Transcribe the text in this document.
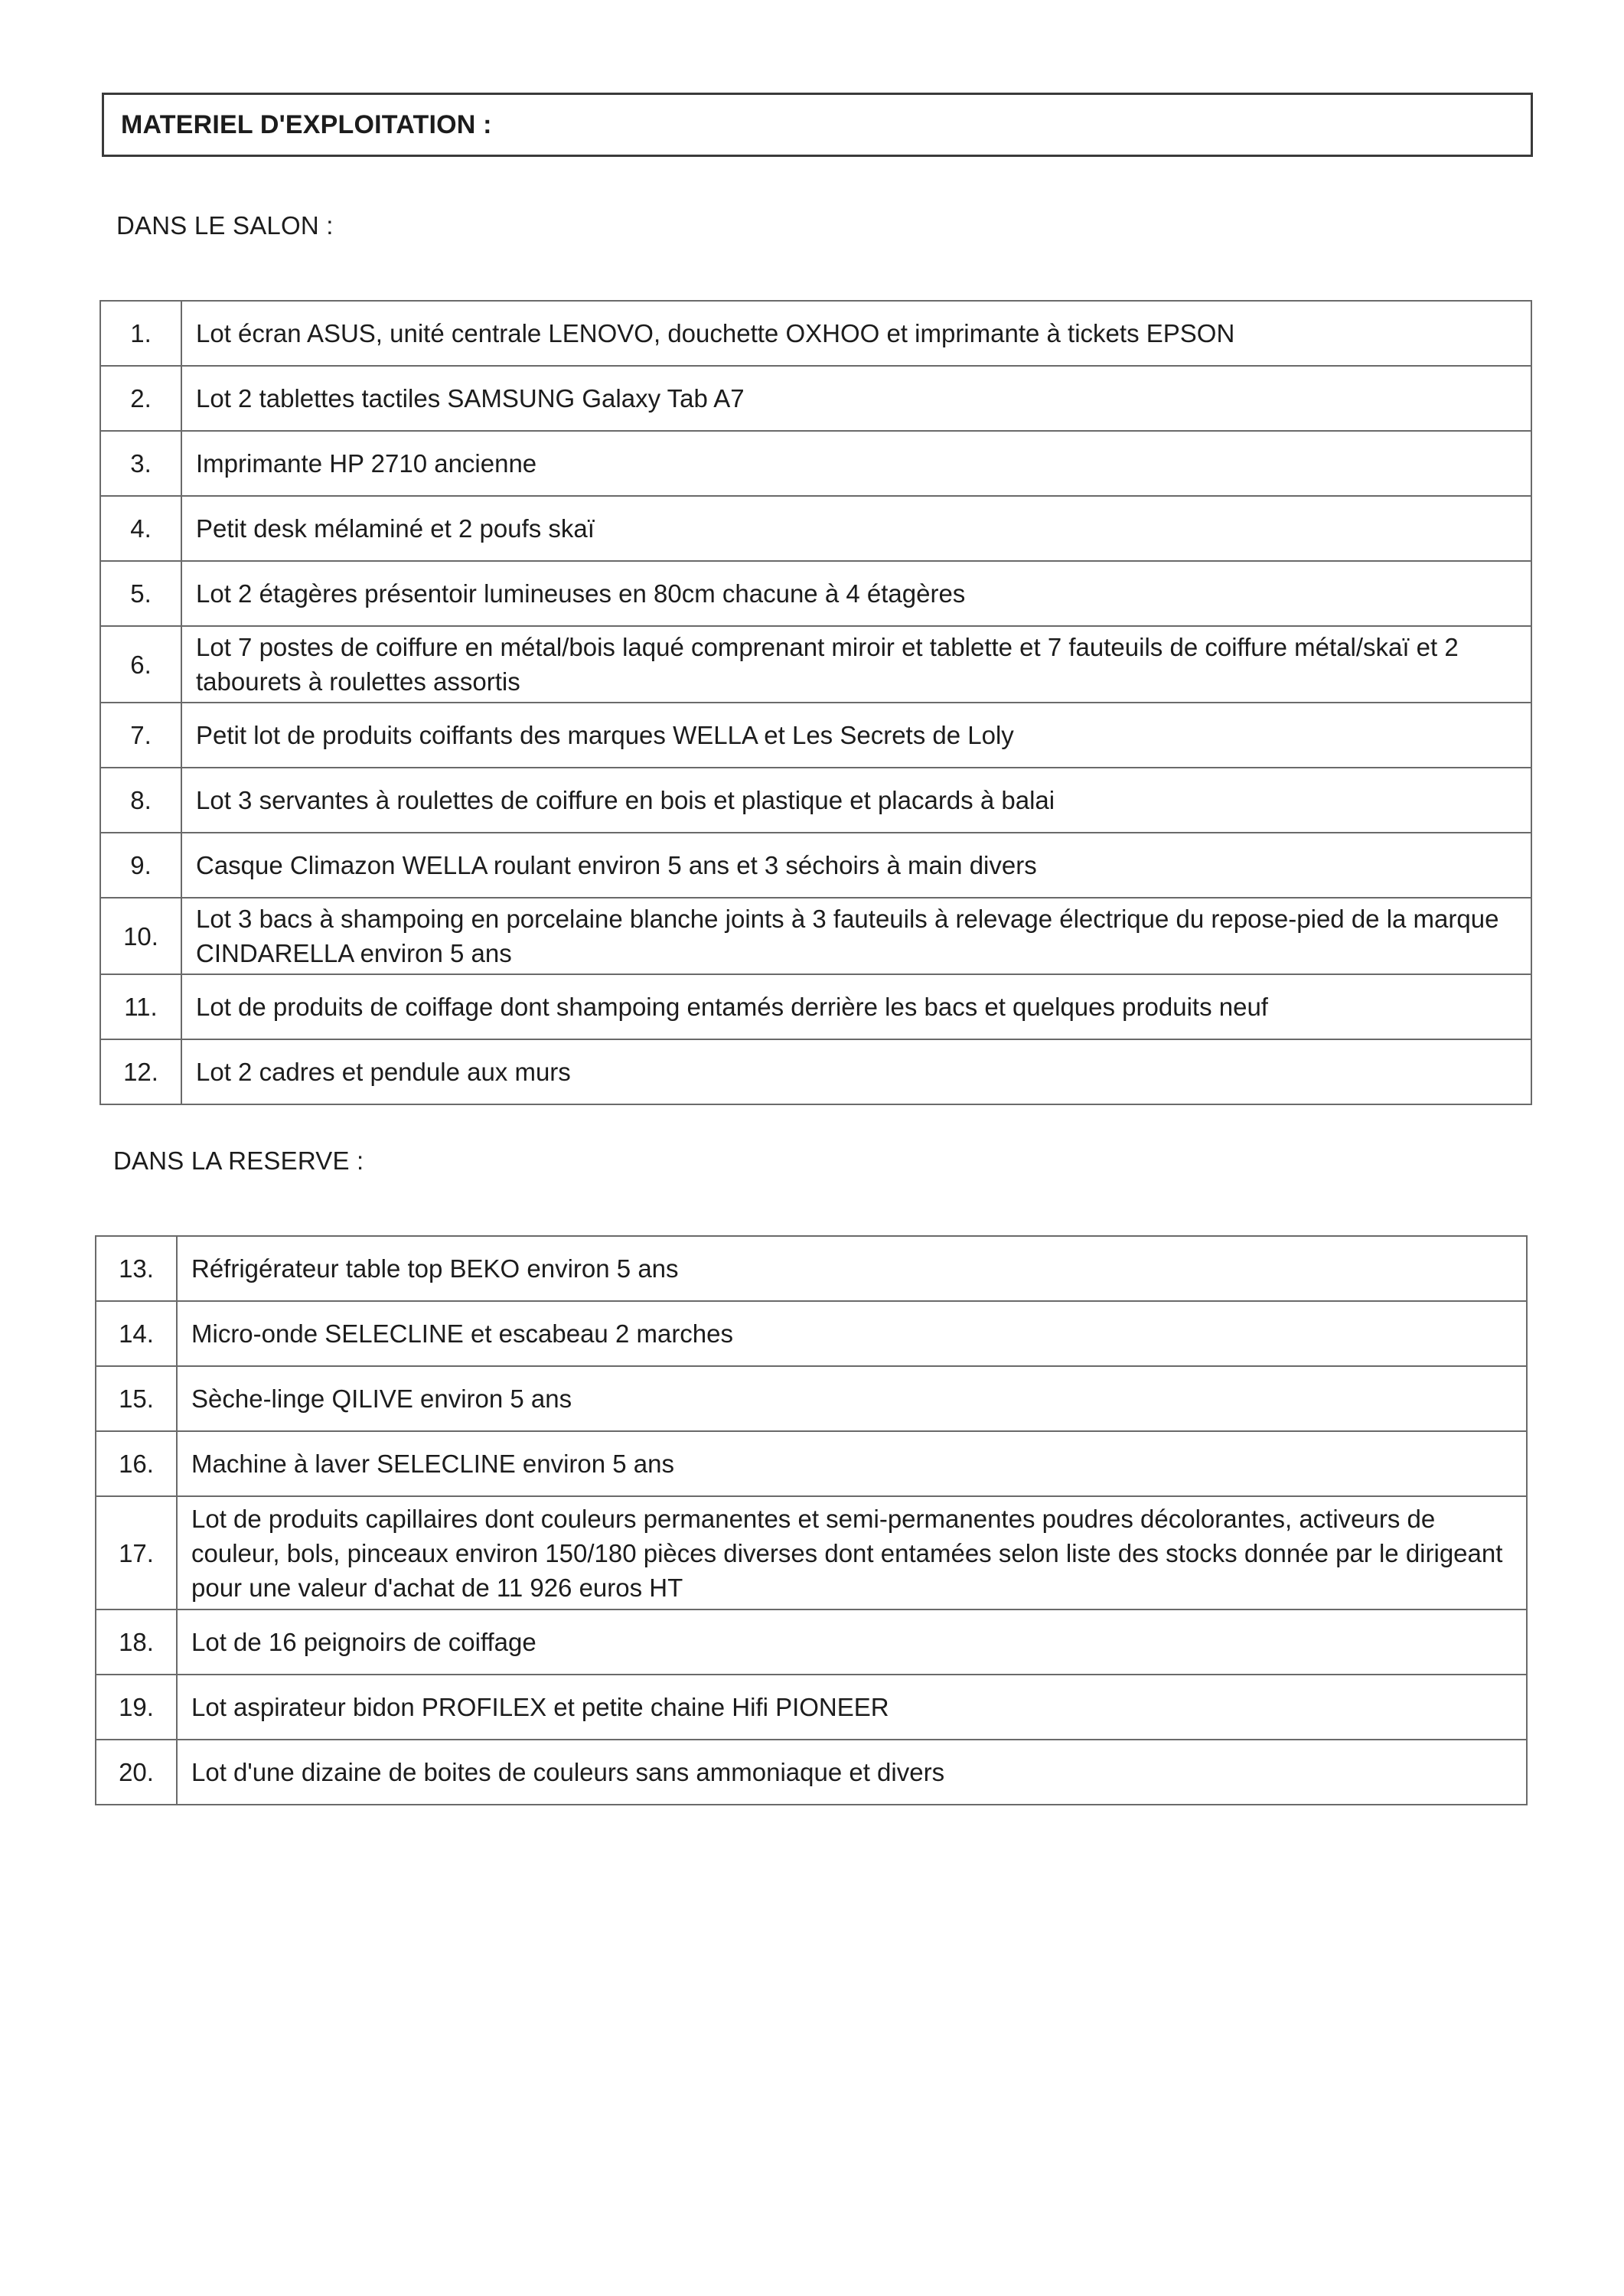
MATERIEL D'EXPLOITATION :
DANS LE SALON :
1.	Lot écran ASUS, unité centrale LENOVO, douchette OXHOO et imprimante à tickets EPSON
2.	Lot 2 tablettes tactiles SAMSUNG Galaxy Tab A7
3.	Imprimante HP 2710 ancienne
4.	Petit desk mélaminé et 2 poufs skaï
5.	Lot 2 étagères présentoir lumineuses en 80cm chacune à 4 étagères
6.	Lot 7 postes de coiffure en métal/bois laqué comprenant miroir et tablette et 7 fauteuils de coiffure métal/skaï et 2 tabourets à roulettes assortis
7.	Petit lot de produits coiffants des marques WELLA et Les Secrets de Loly
8.	Lot 3 servantes à roulettes de coiffure en bois et plastique et placards à balai
9.	Casque Climazon WELLA roulant environ 5 ans et 3 séchoirs à main divers
10.	Lot 3 bacs à shampoing en porcelaine blanche joints à 3 fauteuils à relevage électrique du repose-pied de la marque CINDARELLA environ 5 ans
11.	Lot de produits de coiffage dont shampoing entamés derrière les bacs et quelques produits neuf
12.	Lot 2 cadres et pendule aux murs
DANS LA RESERVE :
13.	Réfrigérateur table top BEKO environ 5 ans
14.	Micro-onde SELECLINE et escabeau 2 marches
15.	Sèche-linge QILIVE environ 5 ans
16.	Machine à laver SELECLINE environ 5 ans
17.	Lot de produits capillaires dont couleurs permanentes et semi-permanentes poudres décolorantes, activeurs de couleur, bols, pinceaux environ 150/180 pièces diverses dont entamées selon liste des stocks donnée par le dirigeant pour une valeur d'achat de 11 926 euros HT
18.	Lot de 16 peignoirs de coiffage
19.	Lot aspirateur bidon PROFILEX et petite chaine Hifi PIONEER
20.	Lot d'une dizaine de boites de couleurs sans ammoniaque et divers
